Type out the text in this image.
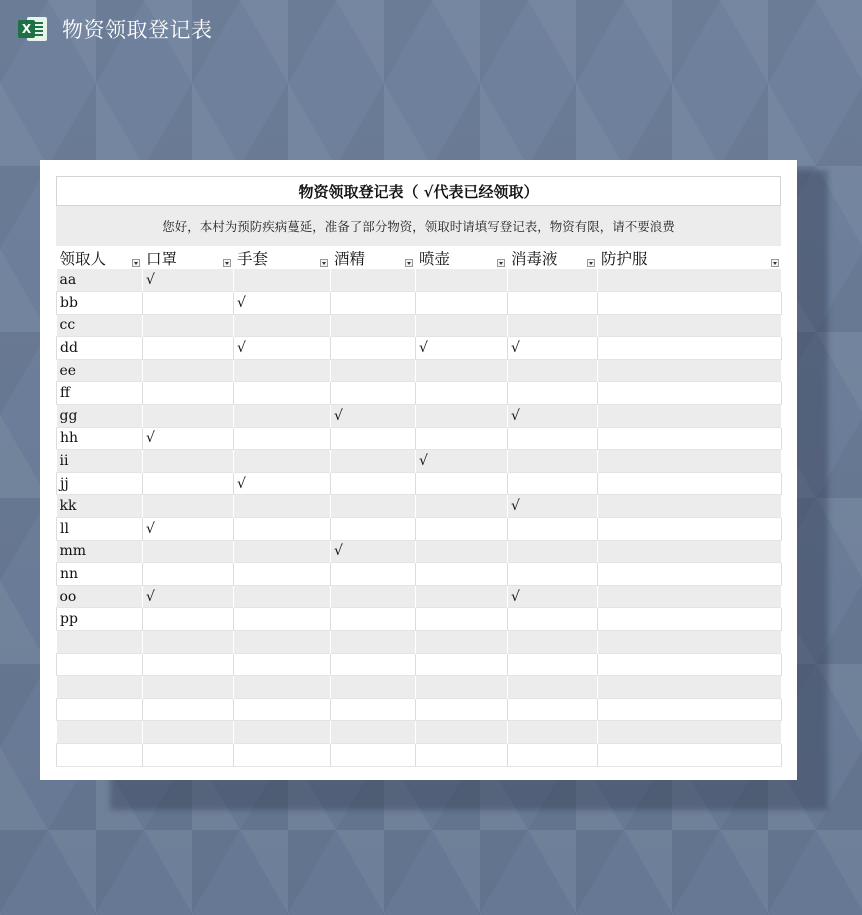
X 物资领取登记表
物资领取登记表（ √代表已经领取）
您好，本村为预防疾病蔓延，准备了部分物资，领取时请填写登记表，物资有限，请不要浪费
领取人	口罩	手套	酒精	喷壶	消毒液	防护服

aa	√					
bb		√				
cc						
dd		√		√	√	
ee						
ff						
gg			√		√	
hh	√					
ii				√		
jj		√				
kk					√	
ll	√					
mm			√			
nn						
oo	√				√	
pp						
